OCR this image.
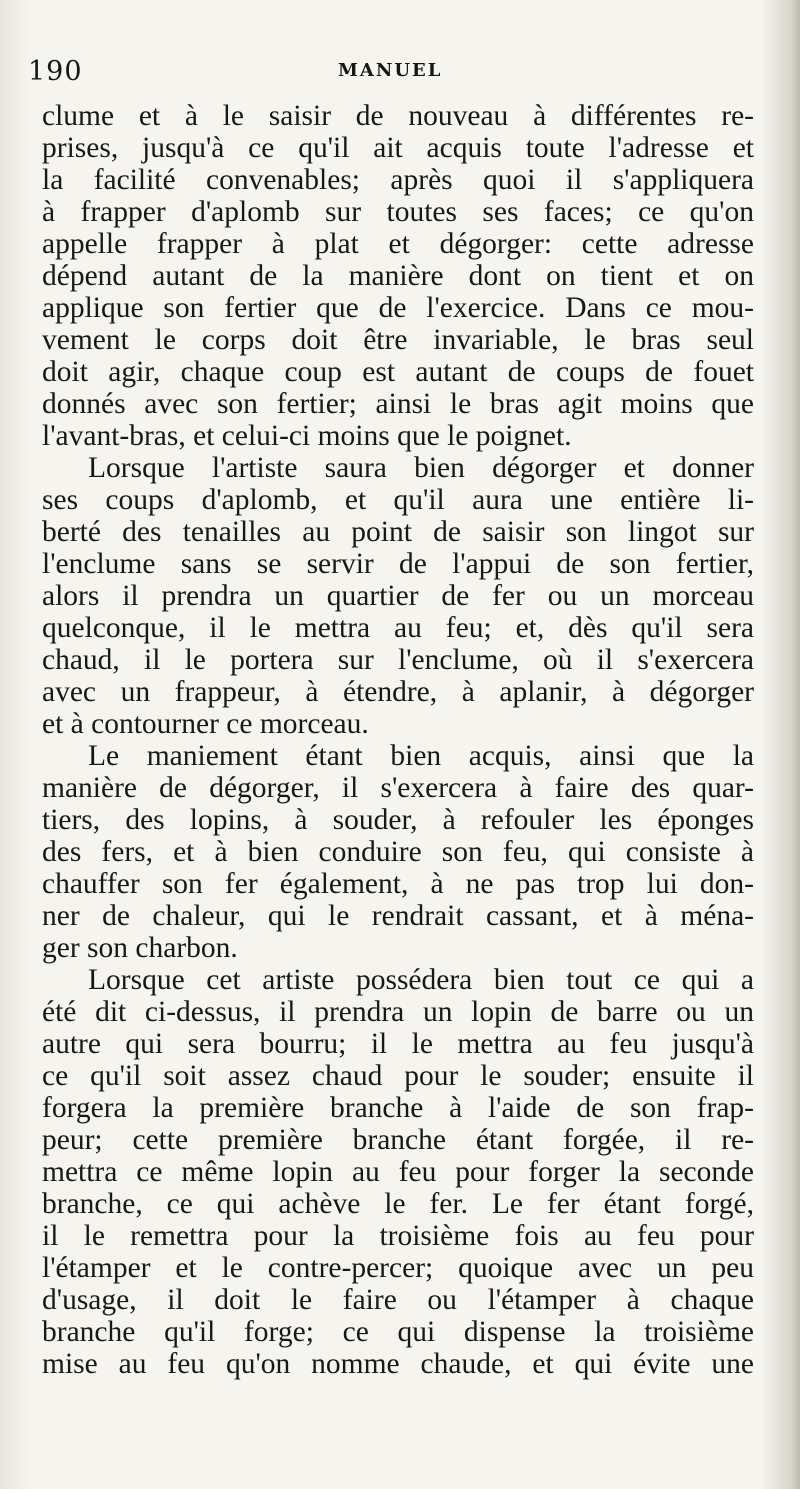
190	MANUEL
clume et à le saisir de nouveau à différentes re-
prises, jusqu'à ce qu'il ait acquis toute l'adresse et
la facilité convenables; après quoi il s'appliquera
à frapper d'aplomb sur toutes ses faces; ce qu'on
appelle frapper à plat et dégorger: cette adresse
dépend autant de la manière dont on tient et on
applique son fertier que de l'exercice. Dans ce mou-
vement le corps doit être invariable, le bras seul
doit agir, chaque coup est autant de coups de fouet
donnés avec son fertier; ainsi le bras agit moins que
l'avant-bras, et celui-ci moins que le poignet.
Lorsque l'artiste saura bien dégorger et donner
ses coups d'aplomb, et qu'il aura une entière li-
berté des tenailles au point de saisir son lingot sur
l'enclume sans se servir de l'appui de son fertier,
alors il prendra un quartier de fer ou un morceau
quelconque, il le mettra au feu; et, dès qu'il sera
chaud, il le portera sur l'enclume, où il s'exercera
avec un frappeur, à étendre, à aplanir, à dégorger
et à contourner ce morceau.
Le maniement étant bien acquis, ainsi que la
manière de dégorger, il s'exercera à faire des quar-
tiers, des lopins, à souder, à refouler les éponges
des fers, et à bien conduire son feu, qui consiste à
chauffer son fer également, à ne pas trop lui don-
ner de chaleur, qui le rendrait cassant, et à ména-
ger son charbon.
Lorsque cet artiste possédera bien tout ce qui a
été dit ci-dessus, il prendra un lopin de barre ou un
autre qui sera bourru; il le mettra au feu jusqu'à
ce qu'il soit assez chaud pour le souder; ensuite il
forgera la première branche à l'aide de son frap-
peur; cette première branche étant forgée, il re-
mettra ce même lopin au feu pour forger la seconde
branche, ce qui achève le fer. Le fer étant forgé,
il le remettra pour la troisième fois au feu pour
l'étamper et le contre-percer; quoique avec un peu
d'usage, il doit le faire ou l'étamper à chaque
branche qu'il forge; ce qui dispense la troisième
mise au feu qu'on nomme chaude, et qui évite une
